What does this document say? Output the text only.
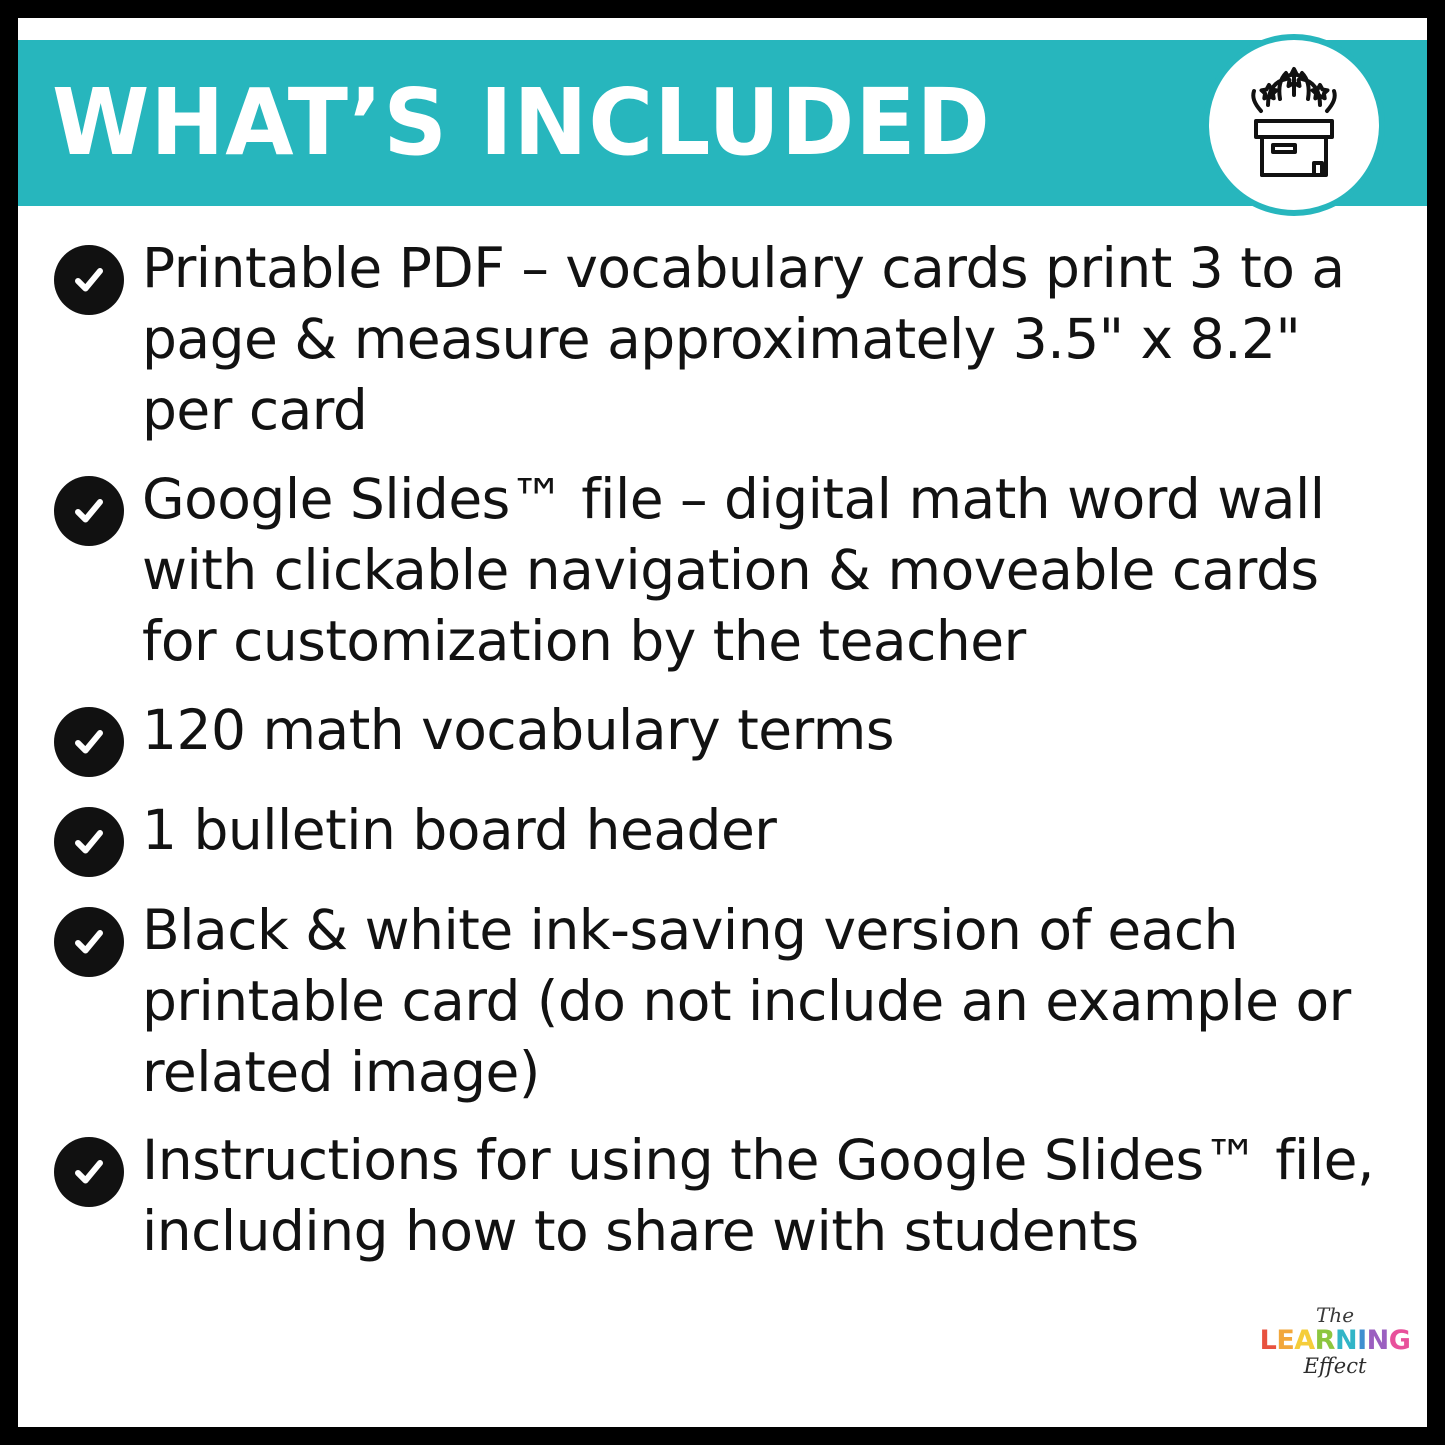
WHAT’S INCLUDED
Printable PDF – vocabulary cards print 3 to a page & measure approximately 3.5" x 8.2" per card
Google Slides™ file – digital math word wall with clickable navigation & moveable cards for customization by the teacher
120 math vocabulary terms
1 bulletin board header
Black & white ink-saving version of each printable card (do not include an example or related image)
Instructions for using the Google Slides™ file, including how to share with students
The
LEARNING
Effect
